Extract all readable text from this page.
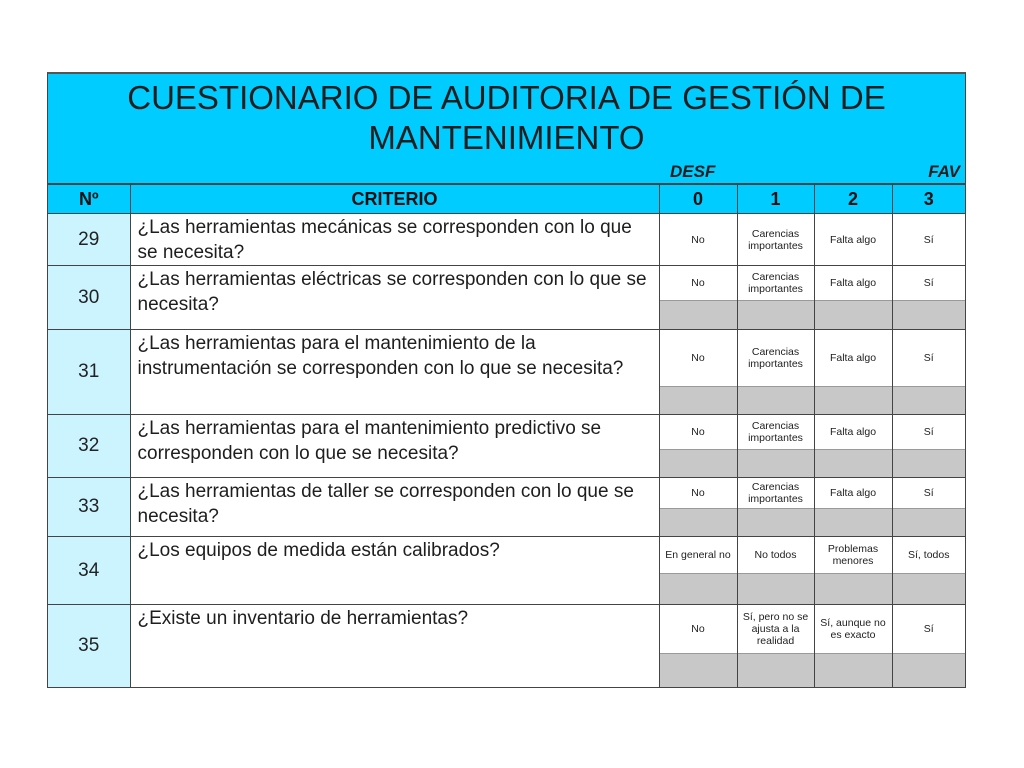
CUESTIONARIO DE AUDITORIA DE GESTIÓN DE
MANTENIMIENTO
DESF	FAV
Nº	CRITERIO	0	1	2	3
29	¿Las herramientas mecánicas se corresponden con lo que se necesita?	No	Carencias importantes	Falta algo	Sí

30	¿Las herramientas eléctricas se corresponden con lo que se necesita?	No	Carencias importantes	Falta algo	Sí

31	¿Las herramientas para el mantenimiento de la instrumentación se corresponden con lo que se necesita?	No	Carencias importantes	Falta algo	Sí

32	¿Las herramientas para el mantenimiento predictivo se corresponden con lo que se necesita?	No	Carencias importantes	Falta algo	Sí

33	¿Las herramientas de taller se corresponden con lo que se necesita?	No	Carencias importantes	Falta algo	Sí

34	¿Los equipos de medida están calibrados?	En general no	No todos	Problemas menores	Sí, todos

35	¿Existe un inventario de herramientas?	No	Sí, pero no se ajusta a la realidad	Sí, aunque no es exacto	Sí
